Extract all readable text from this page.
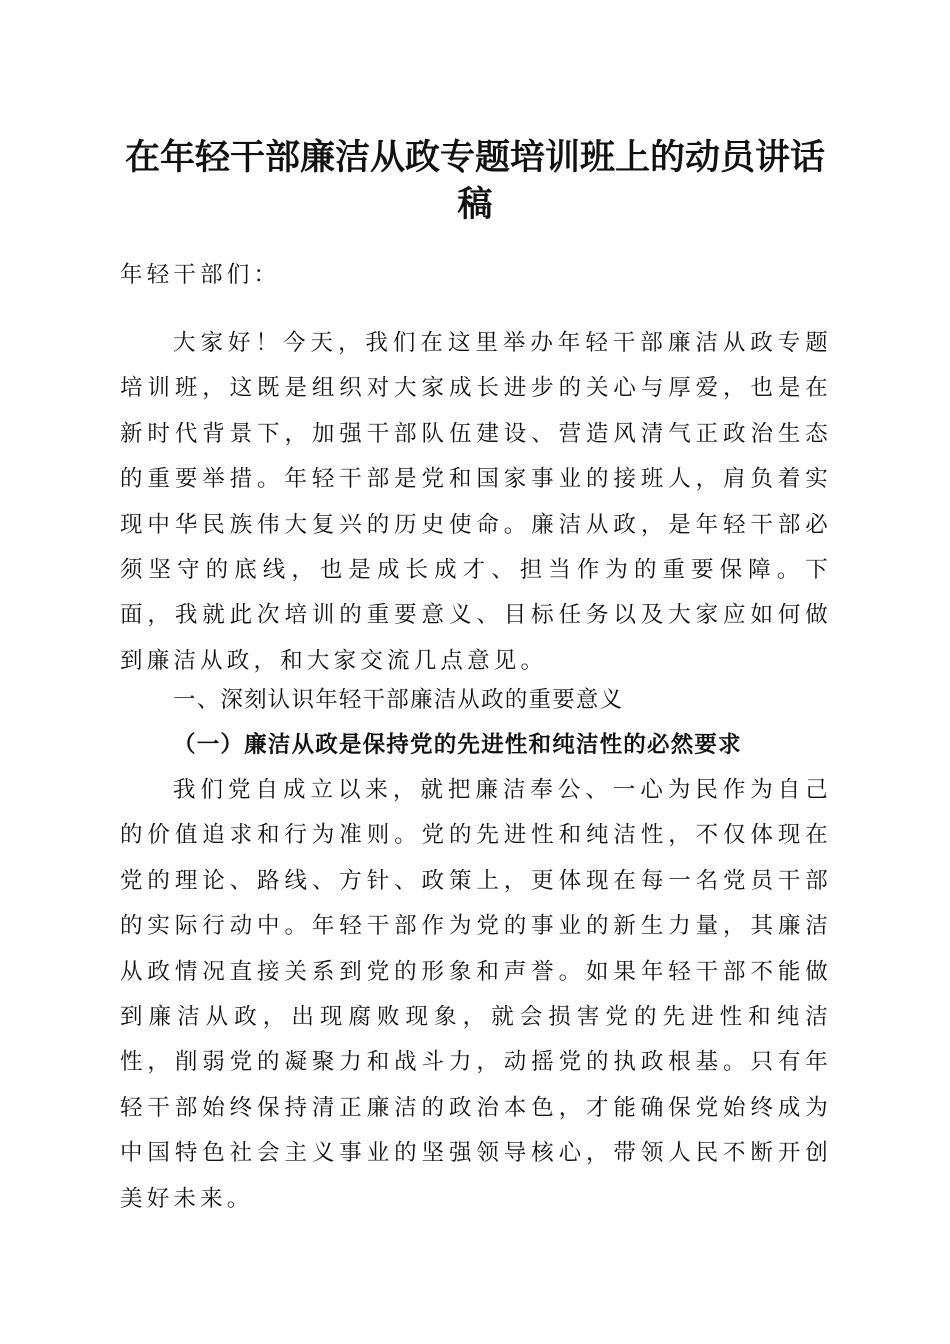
在年轻干部廉洁从政专题培训班上的动员讲话稿

年轻干部们：

大家好！今天，我们在这里举办年轻干部廉洁从政专题培训班，这既是组织对大家成长进步的关心与厚爱，也是在新时代背景下，加强干部队伍建设、营造风清气正政治生态的重要举措。年轻干部是党和国家事业的接班人，肩负着实现中华民族伟大复兴的历史使命。廉洁从政，是年轻干部必须坚守的底线，也是成长成才、担当作为的重要保障。下面，我就此次培训的重要意义、目标任务以及大家应如何做到廉洁从政，和大家交流几点意见。

一、深刻认识年轻干部廉洁从政的重要意义

（一）廉洁从政是保持党的先进性和纯洁性的必然要求

我们党自成立以来，就把廉洁奉公、一心为民作为自己的价值追求和行为准则。党的先进性和纯洁性，不仅体现在党的理论、路线、方针、政策上，更体现在每一名党员干部的实际行动中。年轻干部作为党的事业的新生力量，其廉洁从政情况直接关系到党的形象和声誉。如果年轻干部不能做到廉洁从政，出现腐败现象，就会损害党的先进性和纯洁性，削弱党的凝聚力和战斗力，动摇党的执政根基。只有年轻干部始终保持清正廉洁的政治本色，才能确保党始终成为中国特色社会主义事业的坚强领导核心，带领人民不断开创美好未来。
